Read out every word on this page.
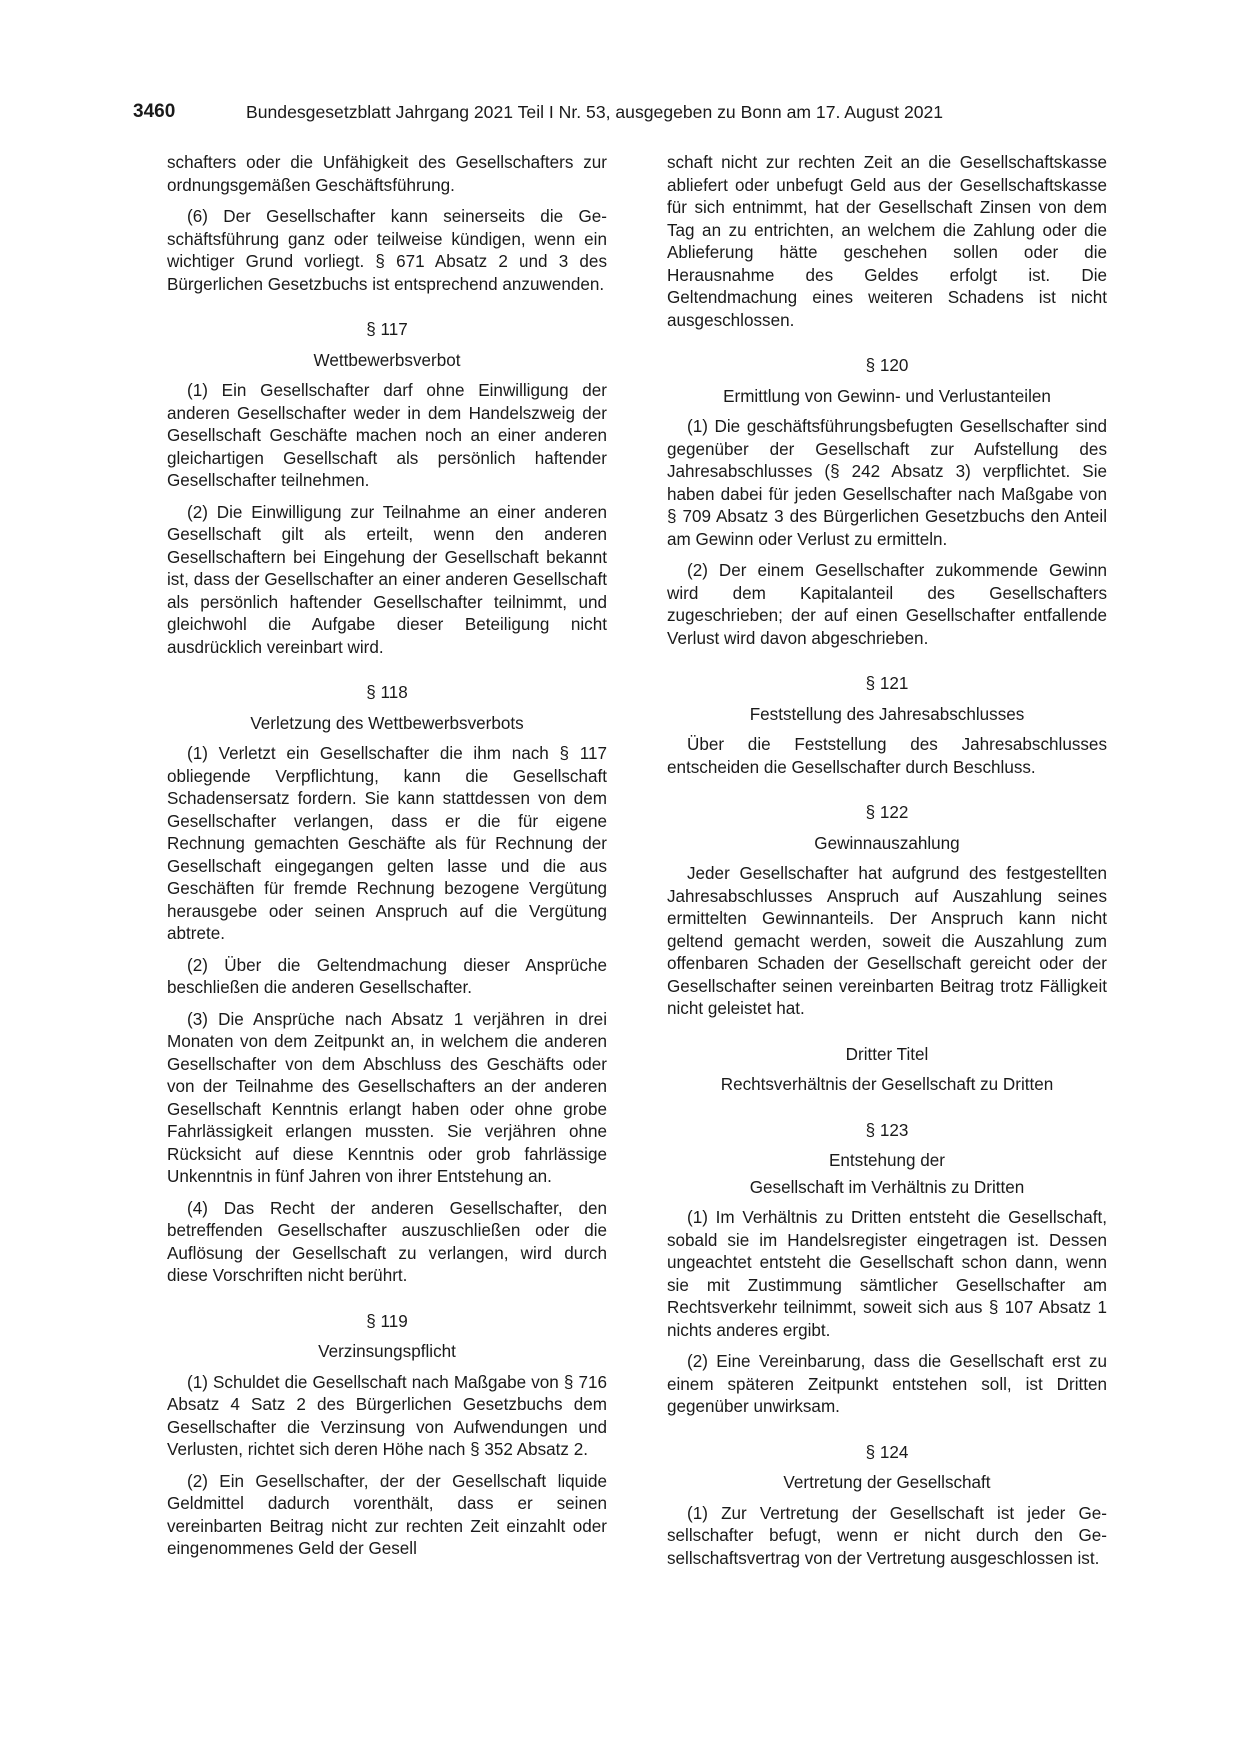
3460	Bundesgesetzblatt Jahrgang 2021 Teil I Nr. 53, ausgegeben zu Bonn am 17. August 2021

schafters oder die Unfähigkeit des Gesellschafters zur ordnungsgemäßen Geschäftsführung.

(6) Der Gesellschafter kann seinerseits die Geschäftsführung ganz oder teilweise kündigen, wenn ein wichtiger Grund vorliegt. § 671 Absatz 2 und 3 des Bürgerlichen Gesetzbuchs ist entsprechend anzuwenden.

§ 117
Wettbewerbsverbot

(1) Ein Gesellschafter darf ohne Einwilligung der anderen Gesellschafter weder in dem Handelszweig der Gesellschaft Geschäfte machen noch an einer anderen gleichartigen Gesellschaft als persönlich haftender Gesellschafter teilnehmen.

(2) Die Einwilligung zur Teilnahme an einer anderen Gesellschaft gilt als erteilt, wenn den anderen Gesellschaftern bei Eingehung der Gesellschaft bekannt ist, dass der Gesellschafter an einer anderen Gesellschaft als persönlich haftender Gesellschafter teilnimmt, und gleichwohl die Aufgabe dieser Beteiligung nicht ausdrücklich vereinbart wird.

§ 118
Verletzung des Wettbewerbsverbots

(1) Verletzt ein Gesellschafter die ihm nach § 117 obliegende Verpflichtung, kann die Gesellschaft Schadensersatz fordern. Sie kann stattdessen von dem Gesellschafter verlangen, dass er die für eigene Rechnung gemachten Geschäfte als für Rechnung der Gesellschaft eingegangen gelten lasse und die aus Geschäften für fremde Rechnung bezogene Vergütung herausgebe oder seinen Anspruch auf die Vergütung abtrete.

(2) Über die Geltendmachung dieser Ansprüche beschließen die anderen Gesellschafter.

(3) Die Ansprüche nach Absatz 1 verjähren in drei Monaten von dem Zeitpunkt an, in welchem die anderen Gesellschafter von dem Abschluss des Geschäfts oder von der Teilnahme des Gesellschafters an der anderen Gesellschaft Kenntnis erlangt haben oder ohne grobe Fahrlässigkeit erlangen mussten. Sie verjähren ohne Rücksicht auf diese Kenntnis oder grob fahrlässige Unkenntnis in fünf Jahren von ihrer Entstehung an.

(4) Das Recht der anderen Gesellschafter, den betreffenden Gesellschafter auszuschließen oder die Auflösung der Gesellschaft zu verlangen, wird durch diese Vorschriften nicht berührt.

§ 119
Verzinsungspflicht

(1) Schuldet die Gesellschaft nach Maßgabe von § 716 Absatz 4 Satz 2 des Bürgerlichen Gesetzbuchs dem Gesellschafter die Verzinsung von Aufwendungen und Verlusten, richtet sich deren Höhe nach § 352 Absatz 2.

(2) Ein Gesellschafter, der der Gesellschaft liquide Geldmittel dadurch vorenthält, dass er seinen vereinbarten Beitrag nicht zur rechten Zeit einzahlt oder eingenommenes Geld der Gesell

schaft nicht zur rechten Zeit an die Gesellschaftskasse abliefert oder unbefugt Geld aus der Gesellschaftskasse für sich entnimmt, hat der Gesellschaft Zinsen von dem Tag an zu entrichten, an welchem die Zahlung oder die Ablieferung hätte geschehen sollen oder die Herausnahme des Geldes erfolgt ist. Die Geltendmachung eines weiteren Schadens ist nicht ausgeschlossen.

§ 120
Ermittlung von Gewinn- und Verlustanteilen

(1) Die geschäftsführungsbefugten Gesellschafter sind gegenüber der Gesellschaft zur Aufstellung des Jahresabschlusses (§ 242 Absatz 3) verpflichtet. Sie haben dabei für jeden Gesellschafter nach Maßgabe von § 709 Absatz 3 des Bürgerlichen Gesetzbuchs den Anteil am Gewinn oder Verlust zu ermitteln.

(2) Der einem Gesellschafter zukommende Gewinn wird dem Kapitalanteil des Gesellschafters zugeschrieben; der auf einen Gesellschafter entfallende Verlust wird davon abgeschrieben.

§ 121
Feststellung des Jahresabschlusses

Über die Feststellung des Jahresabschlusses entscheiden die Gesellschafter durch Beschluss.

§ 122
Gewinnauszahlung

Jeder Gesellschafter hat aufgrund des festgestellten Jahresabschlusses Anspruch auf Auszahlung seines ermittelten Gewinnanteils. Der Anspruch kann nicht geltend gemacht werden, soweit die Auszahlung zum offenbaren Schaden der Gesellschaft gereicht oder der Gesellschafter seinen vereinbarten Beitrag trotz Fälligkeit nicht geleistet hat.

Dritter Titel
Rechtsverhältnis der Gesellschaft zu Dritten
§ 123
Entstehung der
Gesellschaft im Verhältnis zu Dritten

(1) Im Verhältnis zu Dritten entsteht die Gesellschaft, sobald sie im Handelsregister eingetragen ist. Dessen ungeachtet entsteht die Gesellschaft schon dann, wenn sie mit Zustimmung sämtlicher Gesellschafter am Rechtsverkehr teilnimmt, soweit sich aus § 107 Absatz 1 nichts anderes ergibt.

(2) Eine Vereinbarung, dass die Gesellschaft erst zu einem späteren Zeitpunkt entstehen soll, ist Dritten gegenüber unwirksam.

§ 124
Vertretung der Gesellschaft

(1) Zur Vertretung der Gesellschaft ist jeder Gesellschafter befugt, wenn er nicht durch den Gesellschaftsvertrag von der Vertretung ausgeschlossen ist.
